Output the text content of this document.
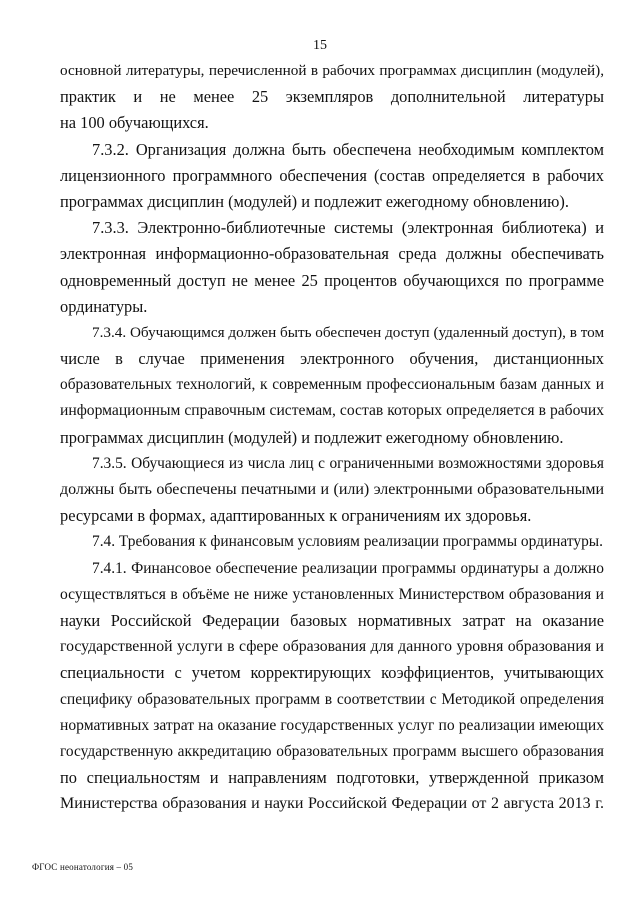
15
основной литературы, перечисленной в рабочих программах дисциплин (модулей),
практик и не менее 25 экземпляров дополнительной литературы
на 100 обучающихся.
7.3.2. Организация должна быть обеспечена необходимым комплектом
лицензионного программного обеспечения (состав определяется в рабочих
программах дисциплин (модулей) и подлежит ежегодному обновлению).
7.3.3. Электронно-библиотечные системы (электронная библиотека) и
электронная информационно-образовательная среда должны обеспечивать
одновременный доступ не менее 25 процентов обучающихся по программе
ординатуры.
7.3.4. Обучающимся должен быть обеспечен доступ (удаленный доступ), в том
числе в случае применения электронного обучения, дистанционных
образовательных технологий, к современным профессиональным базам данных и
информационным справочным системам, состав которых определяется в рабочих
программах дисциплин (модулей) и подлежит ежегодному обновлению.
7.3.5. Обучающиеся из числа лиц с ограниченными возможностями здоровья
должны быть обеспечены печатными и (или) электронными образовательными
ресурсами в формах, адаптированных к ограничениям их здоровья.
7.4. Требования к финансовым условиям реализации программы ординатуры.
7.4.1. Финансовое обеспечение реализации программы ординатуры а должно
осуществляться в объёме не ниже установленных Министерством образования и
науки Российской Федерации базовых нормативных затрат на оказание
государственной услуги в сфере образования для данного уровня образования и
специальности с учетом корректирующих коэффициентов, учитывающих
специфику образовательных программ в соответствии с Методикой определения
нормативных затрат на оказание государственных услуг по реализации имеющих
государственную аккредитацию образовательных программ высшего образования
по специальностям и направлениям подготовки, утвержденной приказом
Министерства образования и науки Российской Федерации от 2 августа 2013 г.
ФГОС неонатология – 05
